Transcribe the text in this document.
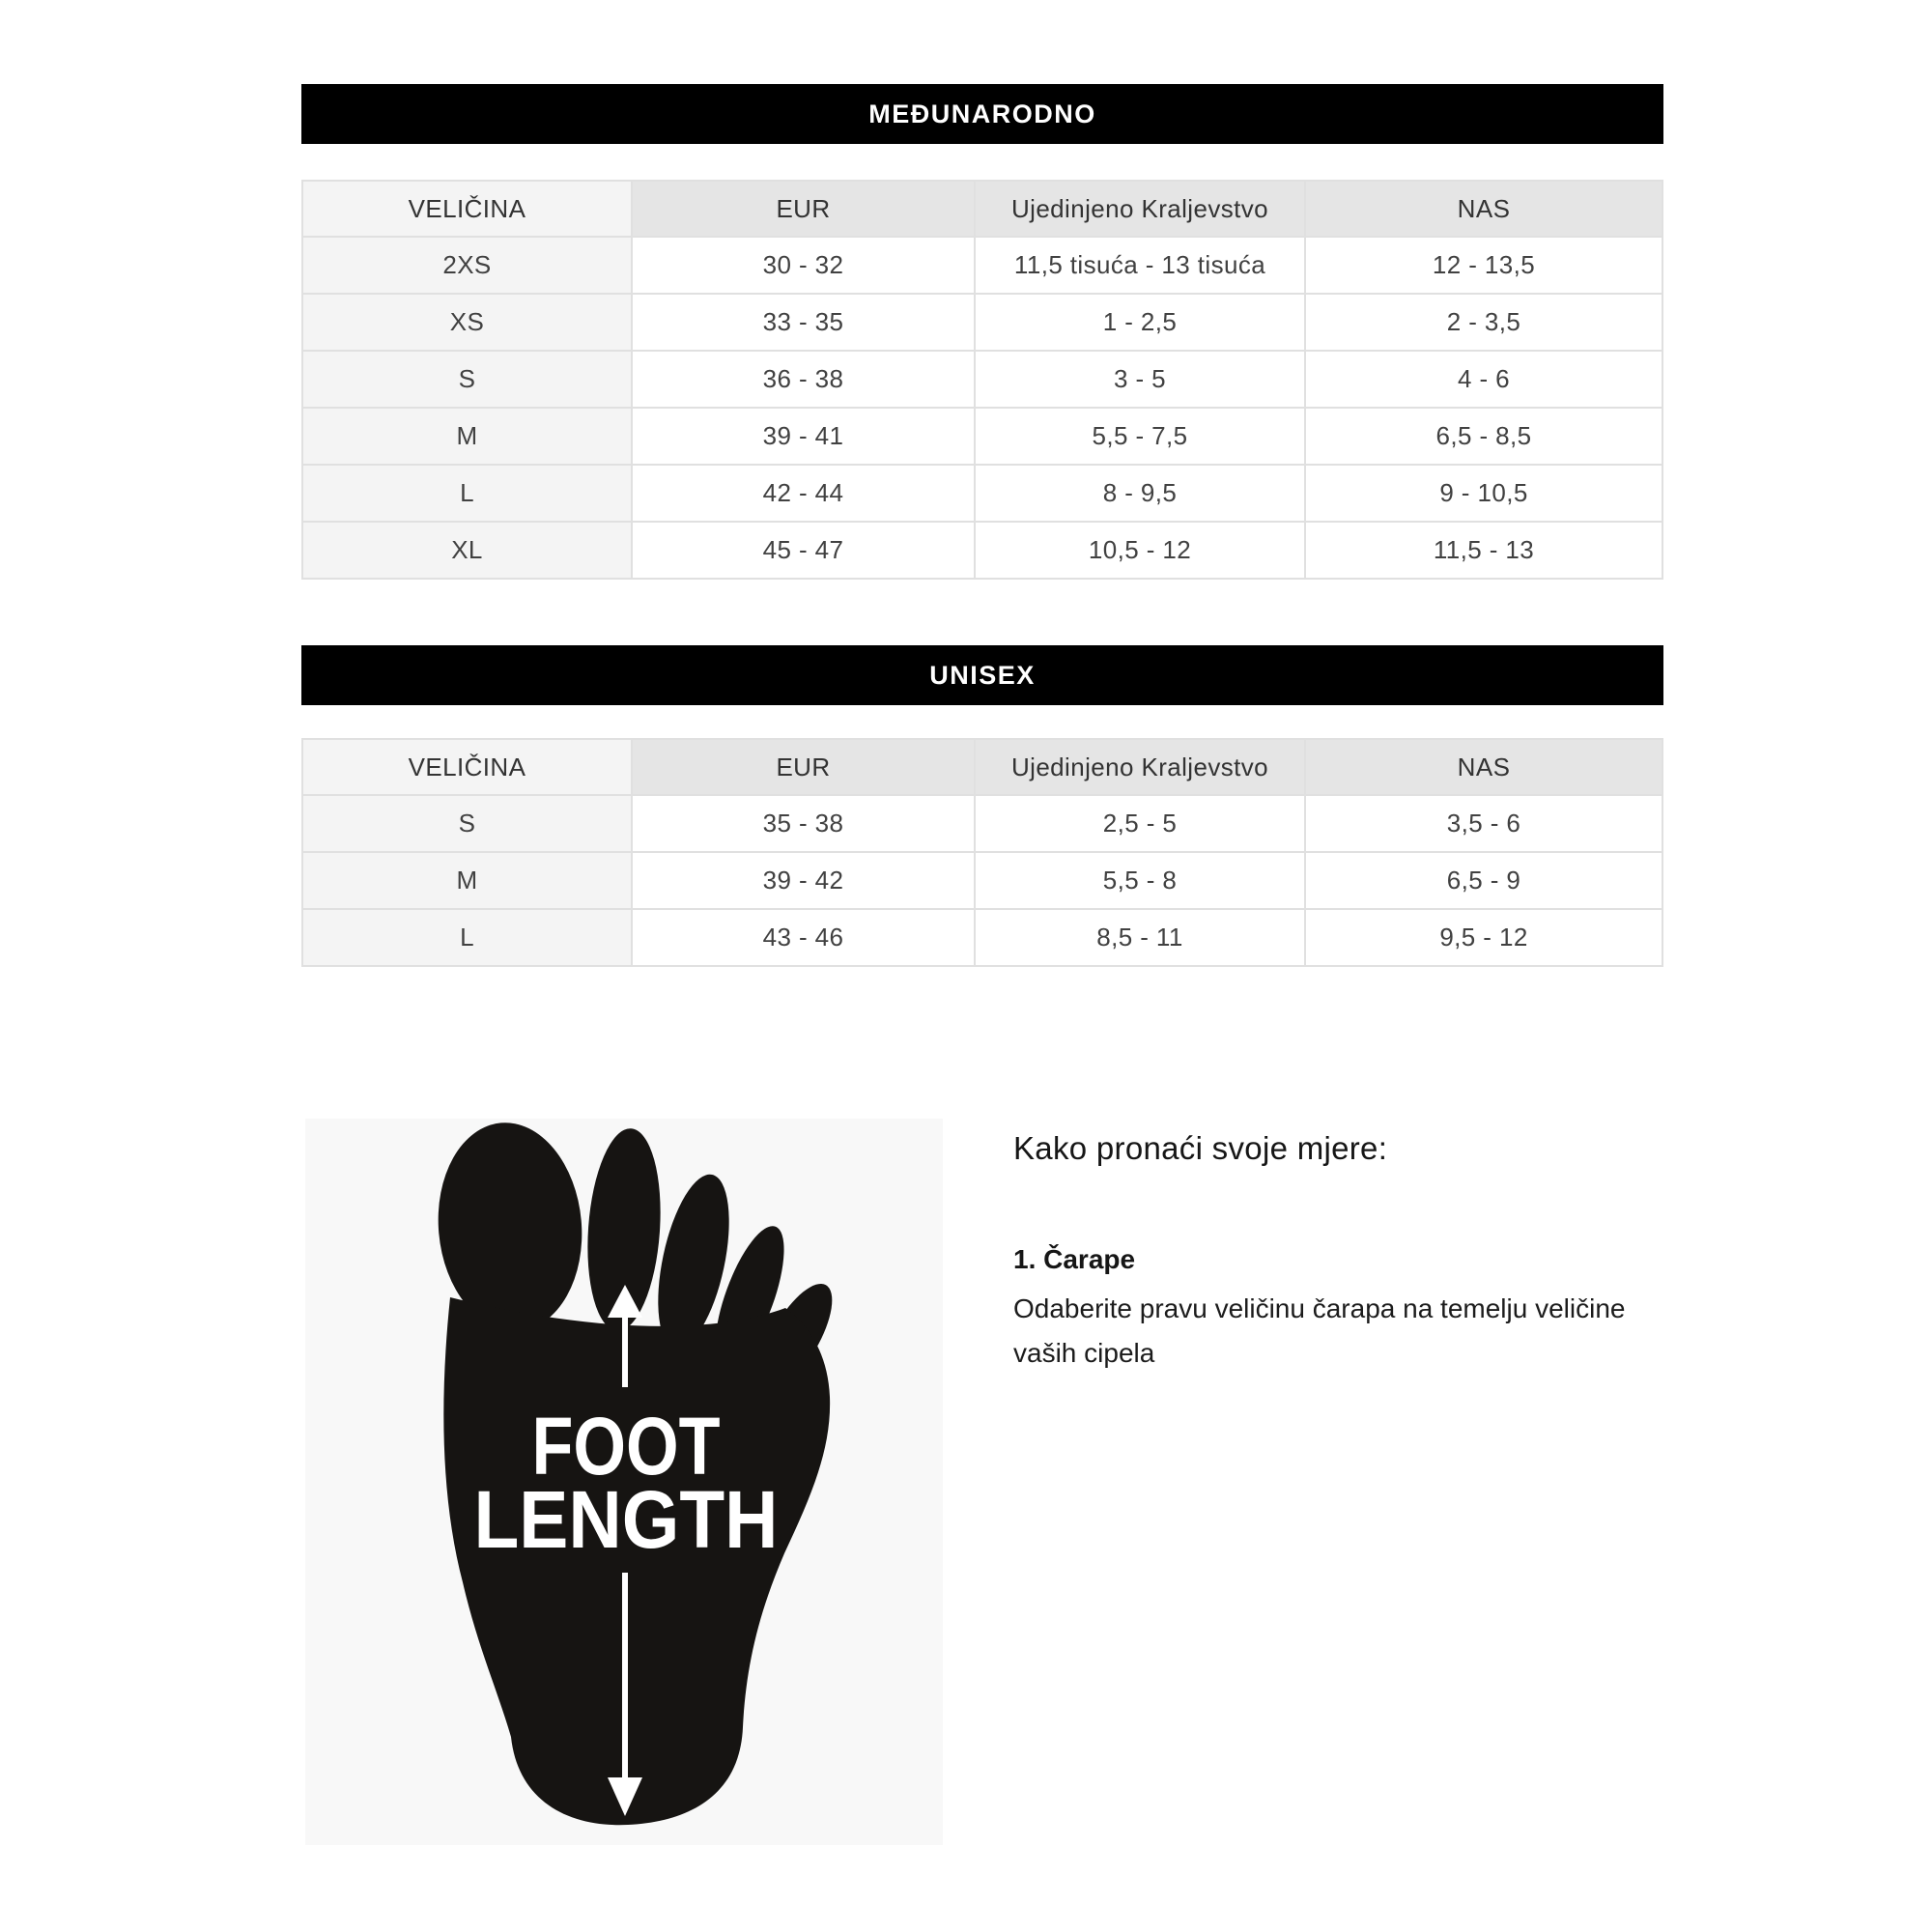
MEĐUNARODNO
VELIČINA	EUR	Ujedinjeno Kraljevstvo	NAS
2XS	30 - 32	11,5 tisuća - 13 tisuća	12 - 13,5
XS	33 - 35	1 - 2,5	2 - 3,5
S	36 - 38	3 - 5	4 - 6
M	39 - 41	5,5 - 7,5	6,5 - 8,5
L	42 - 44	8 - 9,5	9 - 10,5
XL	45 - 47	10,5 - 12	11,5 - 13
UNISEX
VELIČINA	EUR	Ujedinjeno Kraljevstvo	NAS
S	35 - 38	2,5 - 5	3,5 - 6
M	39 - 42	5,5 - 8	6,5 - 9
L	43 - 46	8,5 - 11	9,5 - 12
FOOT
LENGTH
Kako pronaći svoje mjere:
1. Čarape

Odaberite pravu veličinu čarapa na temelju veličine vaših cipela
